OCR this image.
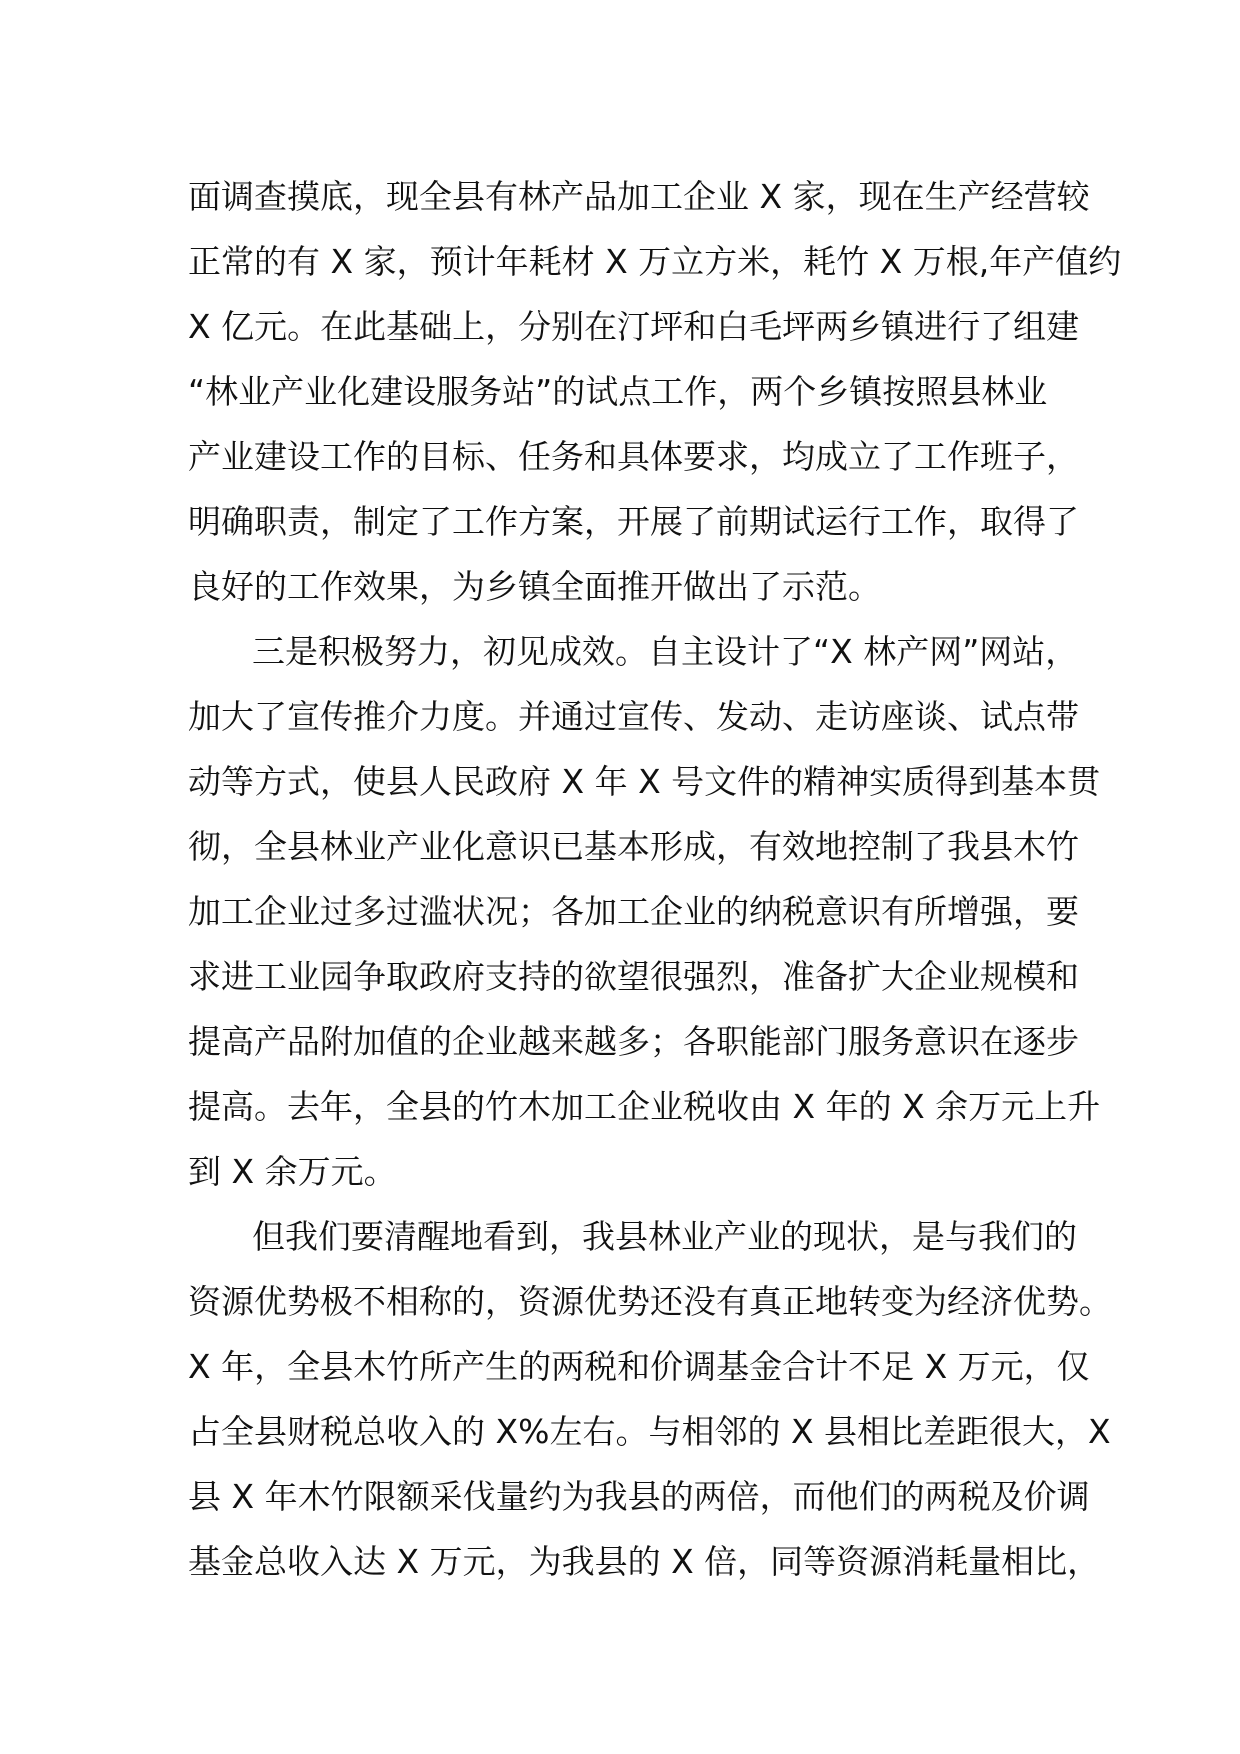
面调查摸底，现全县有林产品加工企业 X 家，现在生产经营较
正常的有 X 家，预计年耗材 X 万立方米，耗竹 X 万根,年产值约
X 亿元。在此基础上，分别在汀坪和白毛坪两乡镇进行了组建
“林业产业化建设服务站”的试点工作，两个乡镇按照县林业
产业建设工作的目标、任务和具体要求，均成立了工作班子，
明确职责，制定了工作方案，开展了前期试运行工作，取得了
良好的工作效果，为乡镇全面推开做出了示范。
三是积极努力，初见成效。自主设计了“X 林产网”网站，
加大了宣传推介力度。并通过宣传、发动、走访座谈、试点带
动等方式，使县人民政府 X 年 X 号文件的精神实质得到基本贯
彻，全县林业产业化意识已基本形成，有效地控制了我县木竹
加工企业过多过滥状况；各加工企业的纳税意识有所增强，要
求进工业园争取政府支持的欲望很强烈，准备扩大企业规模和
提高产品附加值的企业越来越多；各职能部门服务意识在逐步
提高。去年，全县的竹木加工企业税收由 X 年的 X 余万元上升
到 X 余万元。
但我们要清醒地看到，我县林业产业的现状，是与我们的
资源优势极不相称的，资源优势还没有真正地转变为经济优势。
X 年，全县木竹所产生的两税和价调基金合计不足 X 万元，仅
占全县财税总收入的 X%左右。与相邻的 X 县相比差距很大，X
县 X 年木竹限额采伐量约为我县的两倍，而他们的两税及价调
基金总收入达 X 万元，为我县的 X 倍，同等资源消耗量相比，
